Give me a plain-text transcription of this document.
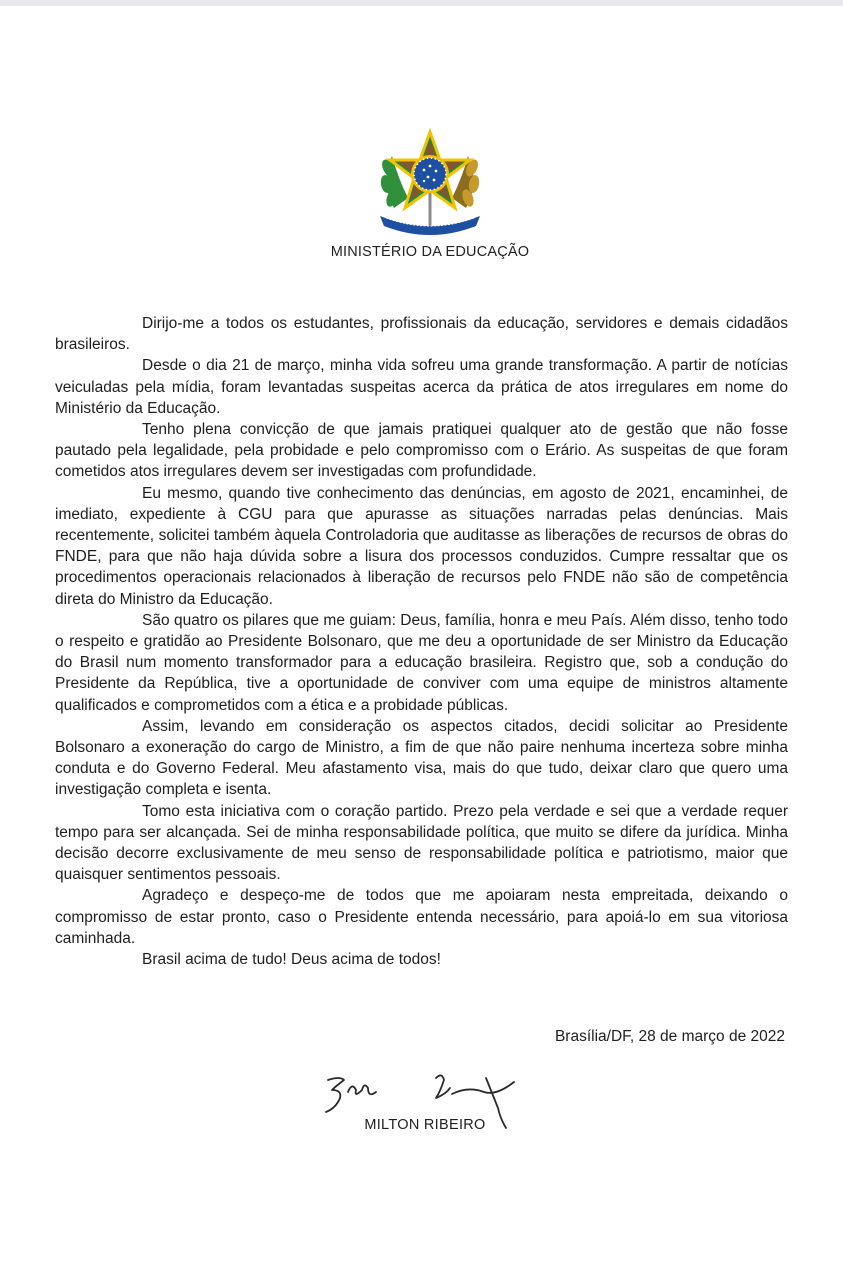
MINISTÉRIO DA EDUCAÇÃO

Dirijo-me a todos os estudantes, profissionais da educação, servidores e demais cidadãos brasileiros.

Desde o dia 21 de março, minha vida sofreu uma grande transformação. A partir de notícias veiculadas pela mídia, foram levantadas suspeitas acerca da prática de atos irregulares em nome do Ministério da Educação.

Tenho plena convicção de que jamais pratiquei qualquer ato de gestão que não fosse pautado pela legalidade, pela probidade e pelo compromisso com o Erário. As suspeitas de que foram cometidos atos irregulares devem ser investigadas com profundidade.

Eu mesmo, quando tive conhecimento das denúncias, em agosto de 2021, encaminhei, de imediato, expediente à CGU para que apurasse as situações narradas pelas denúncias. Mais recentemente, solicitei também àquela Controladoria que auditasse as liberações de recursos de obras do FNDE, para que não haja dúvida sobre a lisura dos processos conduzidos. Cumpre ressaltar que os procedimentos operacionais relacionados à liberação de recursos pelo FNDE não são de competência direta do Ministro da Educação.

São quatro os pilares que me guiam: Deus, família, honra e meu País. Além disso, tenho todo o respeito e gratidão ao Presidente Bolsonaro, que me deu a oportunidade de ser Ministro da Educação do Brasil num momento transformador para a educação brasileira. Registro que, sob a condução do Presidente da República, tive a oportunidade de conviver com uma equipe de ministros altamente qualificados e comprometidos com a ética e a probidade públicas.

Assim, levando em consideração os aspectos citados, decidi solicitar ao Presidente Bolsonaro a exoneração do cargo de Ministro, a fim de que não paire nenhuma incerteza sobre minha conduta e do Governo Federal. Meu afastamento visa, mais do que tudo, deixar claro que quero uma investigação completa e isenta.

Tomo esta iniciativa com o coração partido. Prezo pela verdade e sei que a verdade requer tempo para ser alcançada. Sei de minha responsabilidade política, que muito se difere da jurídica. Minha decisão decorre exclusivamente de meu senso de responsabilidade política e patriotismo, maior que quaisquer sentimentos pessoais.

Agradeço e despeço-me de todos que me apoiaram nesta empreitada, deixando o compromisso de estar pronto, caso o Presidente entenda necessário, para apoiá-lo em sua vitoriosa caminhada.

Brasil acima de tudo! Deus acima de todos!

Brasília/DF, 28 de março de 2022
MILTON RIBEIRO
